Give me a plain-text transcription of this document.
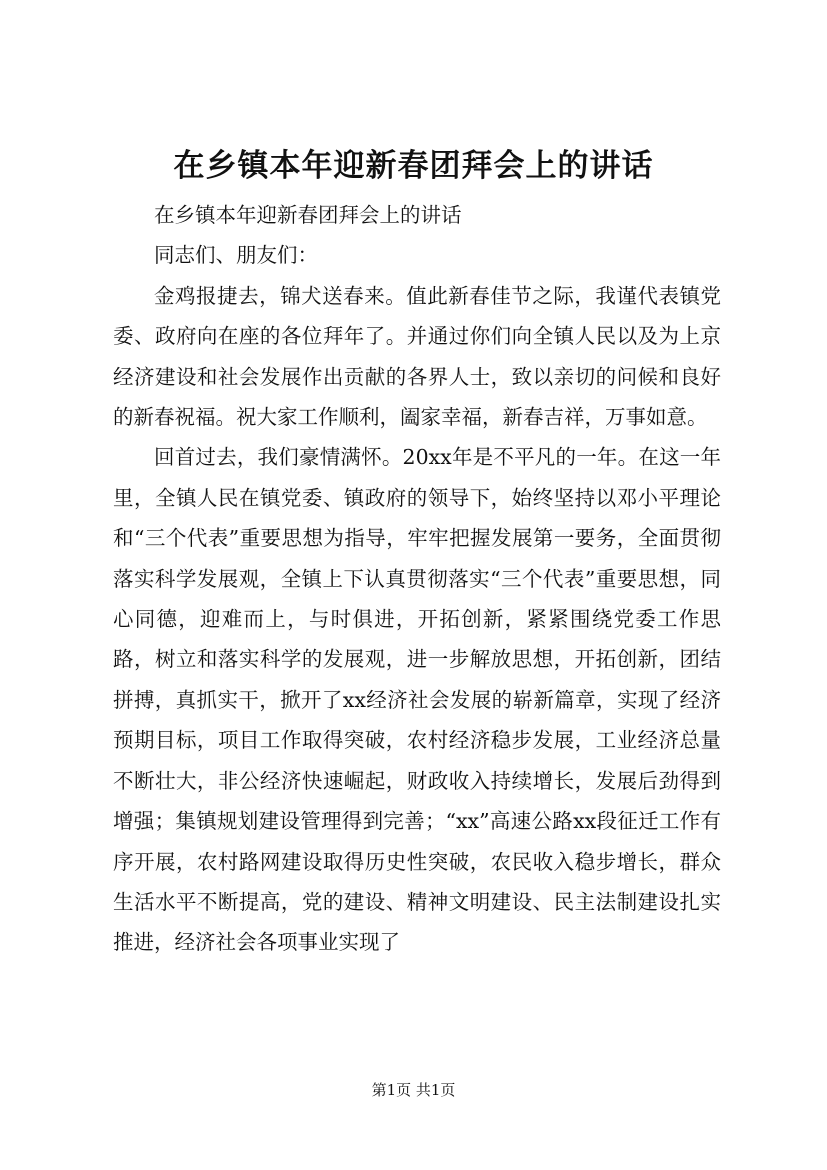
在乡镇本年迎新春团拜会上的讲话

在乡镇本年迎新春团拜会上的讲话

同志们、朋友们：

金鸡报捷去，锦犬送春来。值此新春佳节之际，我谨代表镇党委、政府向在座的各位拜年了。并通过你们向全镇人民以及为上京经济建设和社会发展作出贡献的各界人士，致以亲切的问候和良好的新春祝福。祝大家工作顺利，阖家幸福，新春吉祥，万事如意。

回首过去，我们豪情满怀。20xx年是不平凡的一年。在这一年里，全镇人民在镇党委、镇政府的领导下，始终坚持以邓小平理论和“三个代表”重要思想为指导，牢牢把握发展第一要务，全面贯彻落实科学发展观，全镇上下认真贯彻落实“三个代表”重要思想，同心同德，迎难而上，与时俱进，开拓创新，紧紧围绕党委工作思路，树立和落实科学的发展观，进一步解放思想，开拓创新，团结拼搏，真抓实干，掀开了xx经济社会发展的崭新篇章，实现了经济预期目标，项目工作取得突破，农村经济稳步发展，工业经济总量不断壮大，非公经济快速崛起，财政收入持续增长，发展后劲得到增强；集镇规划建设管理得到完善；“xx”高速公路xx段征迁工作有序开展，农村路网建设取得历史性突破，农民收入稳步增长，群众生活水平不断提高，党的建设、精神文明建设、民主法制建设扎实推进，经济社会各项事业实现了

第1页 共1页
